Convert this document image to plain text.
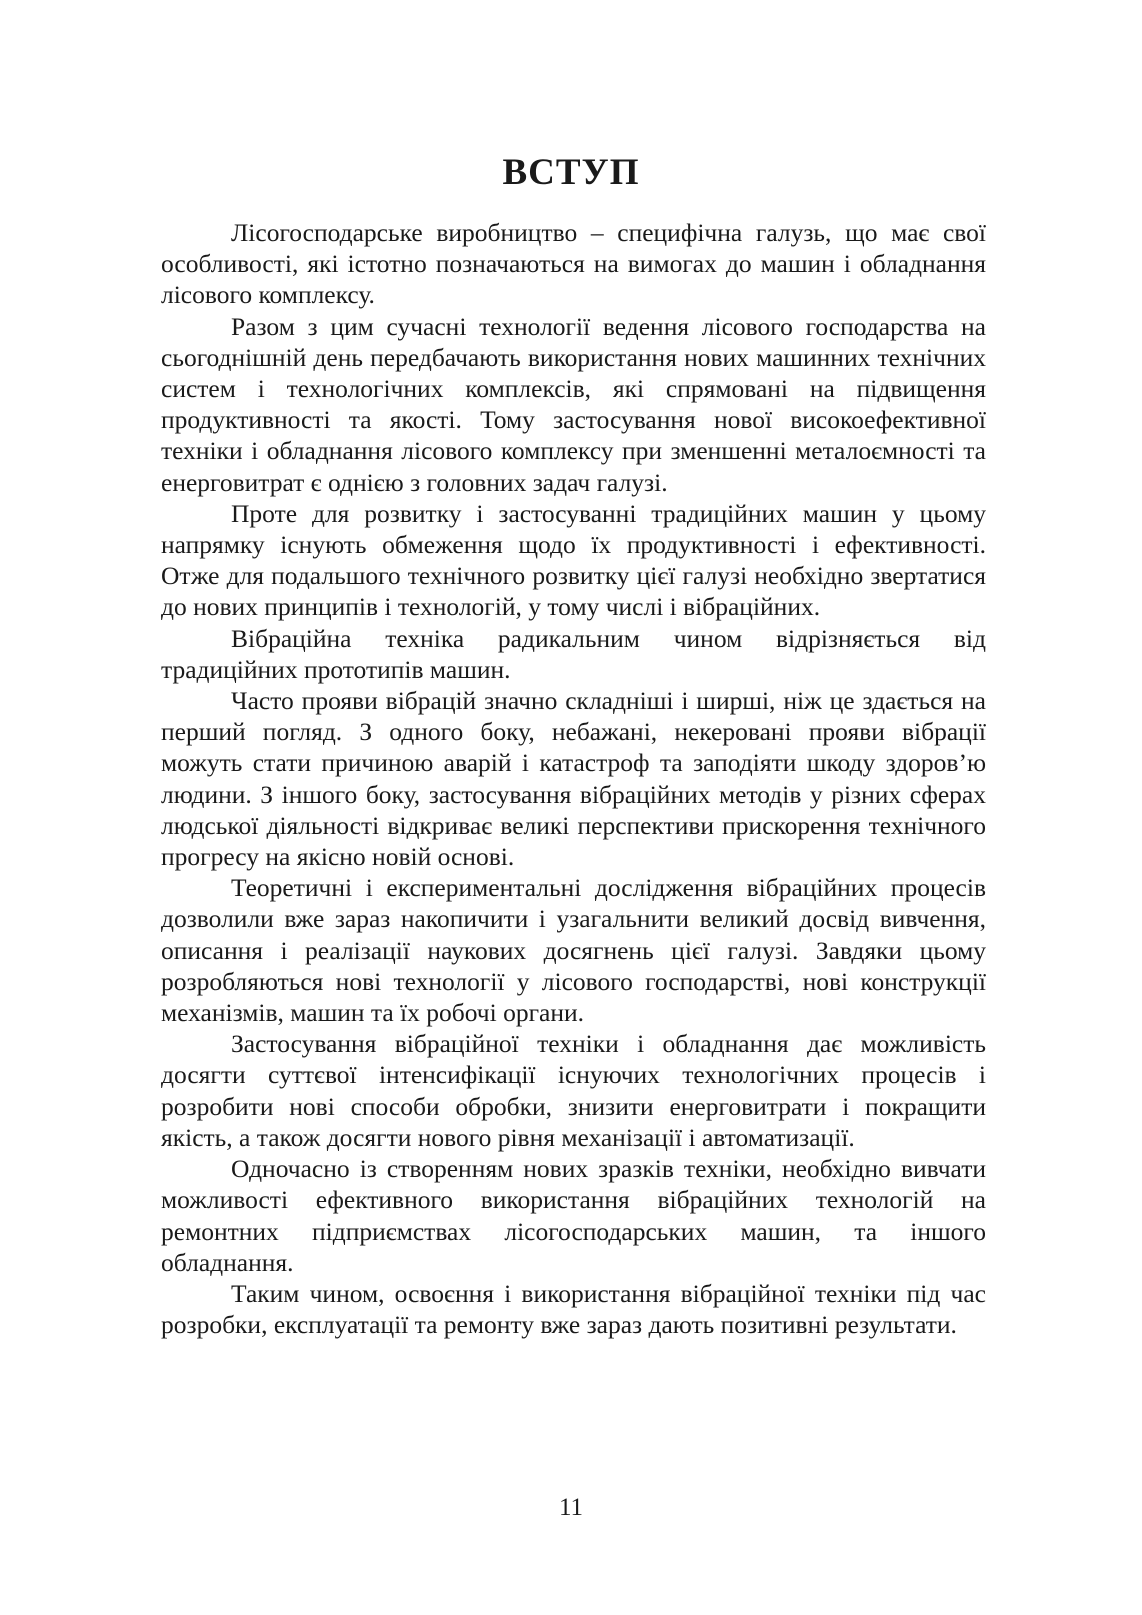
ВСТУП

Лісогосподарське виробництво – специфічна галузь, що має свої особливості, які істотно позначаються на вимогах до машин і обладнання лісового комплексу.

Разом з цим сучасні технології ведення лісового господарства на сьогоднішній день передбачають використання нових машинних технічних систем і технологічних комплексів, які спрямовані на підвищення продуктивності та якості. Тому застосування нової високоефективної техніки і обладнання лісового комплексу при зменшенні металоємності та енерговитрат є однією з головних задач галузі.

Проте для розвитку і застосуванні традиційних машин у цьому напрямку існують обмеження щодо їх продуктивності і ефективності. Отже для подальшого технічного розвитку цієї галузі необхідно звертатися до нових принципів і технологій, у тому числі і вібраційних.

Вібраційна техніка радикальним чином відрізняється від традиційних прототипів машин.

Часто прояви вібрацій значно складніші і ширші, ніж це здається на перший погляд. З одного боку, небажані, некеровані прояви вібрації можуть стати причиною аварій і катастроф та заподіяти шкоду здоров’ю людини. З іншого боку, застосування вібраційних методів у різних сферах людської діяльності відкриває великі перспективи прискорення технічного прогресу на якісно новій основі.

Теоретичні і експериментальні дослідження вібраційних процесів дозволили вже зараз накопичити і узагальнити великий досвід вивчення, описання і реалізації наукових досягнень цієї галузі. Завдяки цьому розробляються нові технології у лісового господарстві, нові конструкції механізмів, машин та їх робочі органи.

Застосування вібраційної техніки і обладнання дає можливість досягти суттєвої інтенсифікації існуючих технологічних процесів і розробити нові способи обробки, знизити енерговитрати і покращити якість, а також досягти нового рівня механізації і автоматизації.

Одночасно із створенням нових зразків техніки, необхідно вивчати можливості ефективного використання вібраційних технологій на ремонтних підприємствах лісогосподарських машин, та іншого обладнання.

Таким чином, освоєння і використання вібраційної техніки під час розробки, експлуатації та ремонту вже зараз дають позитивні результати.

11
